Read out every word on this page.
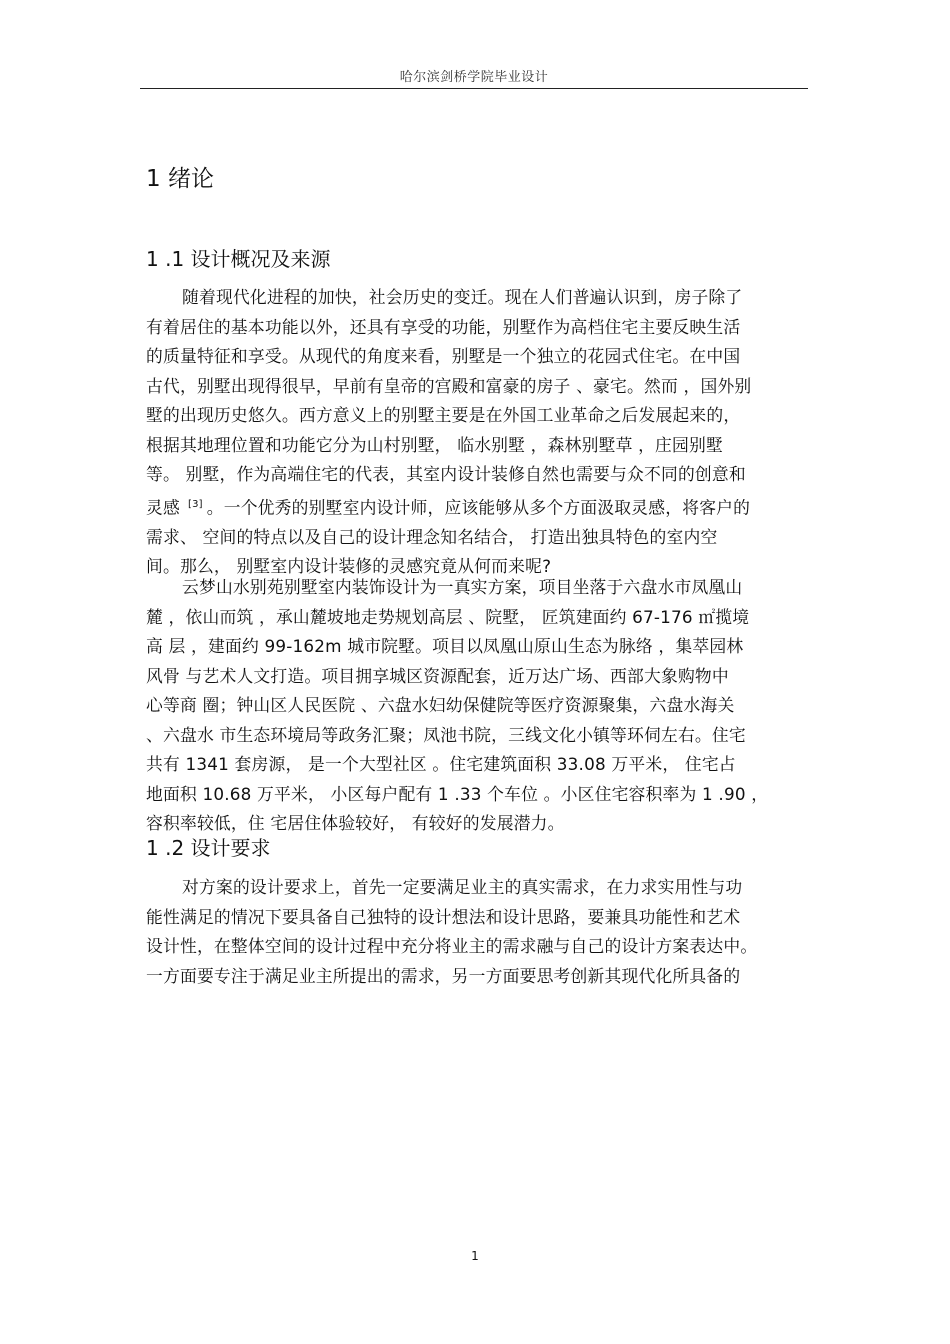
哈尔滨剑桥学院毕业设计
1 绪论
1 .1 设计概况及来源
随着现代化进程的加快，社会历史的变迁。现在人们普遍认识到，房子除了
有着居住的基本功能以外，还具有享受的功能，别墅作为高档住宅主要反映生活
的质量特征和享受。从现代的角度来看，别墅是一个独立的花园式住宅。在中国
古代，别墅出现得很早，早前有皇帝的宫殿和富豪的房子 、豪宅。然而 ，国外别
墅的出现历史悠久。西方意义上的别墅主要是在外国工业革命之后发展起来的，
根据其地理位置和功能它分为山村别墅， 临水别墅 ，森林别墅草 ，庄园别墅
等。 别墅，作为高端住宅的代表，其室内设计装修自然也需要与众不同的创意和
灵感 [3] 。一个优秀的别墅室内设计师，应该能够从多个方面汲取灵感，将客户的
需求、 空间的特点以及自己的设计理念知名结合， 打造出独具特色的室内空
间。那么， 别墅室内设计装修的灵感究竟从何而来呢?
云梦山水别苑别墅室内装饰设计为一真实方案，项目坐落于六盘水市凤凰山
麓 ，依山而筑 ，承山麓坡地走势规划高层 、院墅， 匠筑建面约 67-176 ㎡揽境
高 层 ，建面约 99-162m 城市院墅。项目以凤凰山原山生态为脉络 ，集萃园林
风骨 与艺术人文打造。项目拥享城区资源配套，近万达广场、西部大象购物中
心等商 圈；钟山区人民医院 、六盘水妇幼保健院等医疗资源聚集，六盘水海关
、六盘水 市生态环境局等政务汇聚；凤池书院，三线文化小镇等环伺左右。住宅
共有 1341 套房源， 是一个大型社区 。住宅建筑面积 33.08 万平米， 住宅占
地面积 10.68 万平米， 小区每户配有 1 .33 个车位 。小区住宅容积率为 1 .90 ，
容积率较低，住 宅居住体验较好， 有较好的发展潜力。
1 .2 设计要求
对方案的设计要求上，首先一定要满足业主的真实需求，在力求实用性与功
能性满足的情况下要具备自己独特的设计想法和设计思路，要兼具功能性和艺术
设计性，在整体空间的设计过程中充分将业主的需求融与自己的设计方案表达中。
一方面要专注于满足业主所提出的需求，另一方面要思考创新其现代化所具备的
1
